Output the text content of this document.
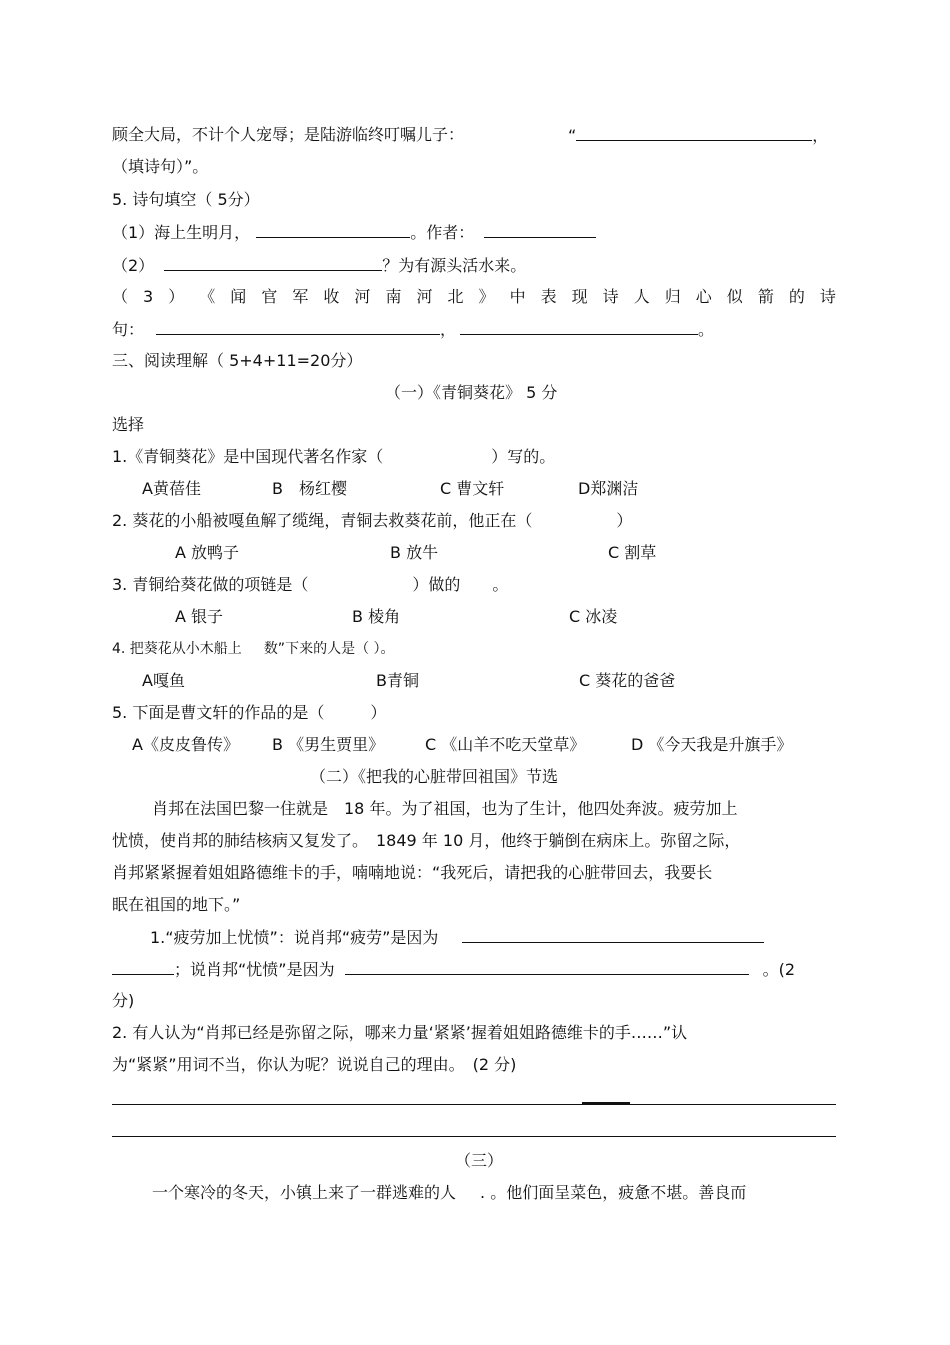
顾全大局，不计个人宠辱；是陆游临终叮嘱儿子：	“	，
（填诗句）”。
5. 诗句填空（ 5分）
（1）海上生明月，	。作者：
（2）	？为有源头活水来。
（ 3 ） 《 闻 官 军 收 河 南 河 北 》 中 表 现 诗 人 归 心 似 箭 的 诗
句：	，	。
三、阅读理解（ 5+4+11=20分）
（一）《青铜葵花》 5 分
选择
1.《青铜葵花》是中国现代著名作家（	）写的。
A黄蓓佳	B　杨红樱	C 曹文轩	D郑渊洁
2. 葵花的小船被嘎鱼解了缆绳，青铜去救葵花前，他正在（	）
A 放鸭子	B 放牛	C 割草
3. 青铜给葵花做的项链是（	）做的 。
A 银子	B 棱角	C 冰凌
4. 把葵花从小木船上 数”下来的人是（ ）。
A嘎鱼	B青铜	C 葵花的爸爸
5. 下面是曹文轩的作品的是（	）
A《皮皮鲁传》 B 《男生贾里》	C 《山羊不吃天堂草》	D 《今天我是升旗手》
（二）《把我的心脏带回祖国》节选
肖邦在法国巴黎一住就是　18 年。为了祖国，也为了生计，他四处奔波。疲劳加上
忧愤，使肖邦的肺结核病又复发了。　1849 年 10 月，他终于躺倒在病床上。弥留之际，
肖邦紧紧握着姐姐路德维卡的手，喃喃地说：“我死后，请把我的心脏带回去，我要长
眠在祖国的地下。”
1.“疲劳加上忧愤”：说肖邦“疲劳”是因为
；说肖邦“忧愤”是因为	。(2
分)
2. 有人认为“肖邦已经是弥留之际，哪来力量‘紧紧’握着姐姐路德维卡的手……”认
为“紧紧”用词不当，你认为呢？说说自己的理由。　(2 分)
（三）
一个寒冷的冬天，小镇上来了一群逃难的人 . 。他们面呈菜色，疲惫不堪。善良而
